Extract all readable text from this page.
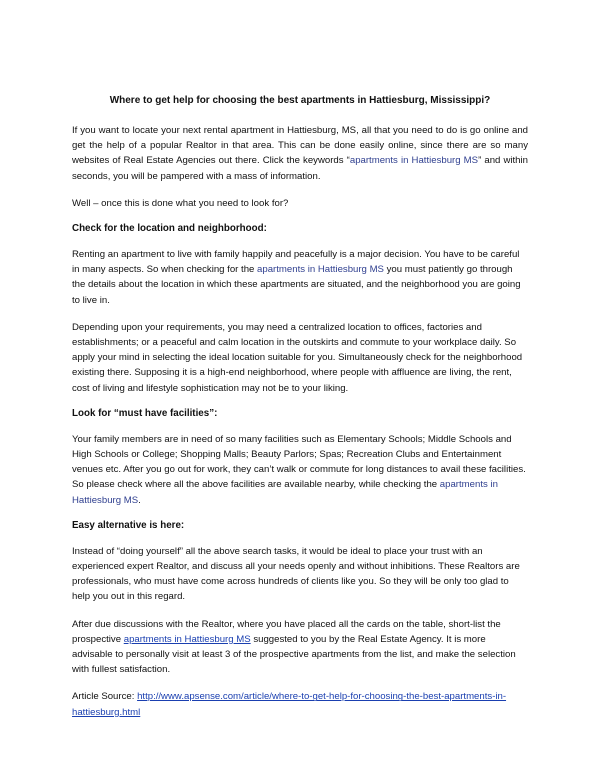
Where to get help for choosing the best apartments in Hattiesburg, Mississippi?

If you want to locate your next rental apartment in Hattiesburg, MS, all that you need to do is go online and get the help of a popular Realtor in that area. This can be done easily online, since there are so many websites of Real Estate Agencies out there. Click the keywords “apartments in Hattiesburg MS” and within seconds, you will be pampered with a mass of information.

Well – once this is done what you need to look for?

Check for the location and neighborhood:

Renting an apartment to live with family happily and peacefully is a major decision. You have to be careful in many aspects. So when checking for the apartments in Hattiesburg MS you must patiently go through the details about the location in which these apartments are situated, and the neighborhood you are going to live in.

Depending upon your requirements, you may need a centralized location to offices, factories and establishments; or a peaceful and calm location in the outskirts and commute to your workplace daily. So apply your mind in selecting the ideal location suitable for you. Simultaneously check for the neighborhood existing there. Supposing it is a high-end neighborhood, where people with affluence are living, the rent, cost of living and lifestyle sophistication may not be to your liking.

Look for “must have facilities”:

Your family members are in need of so many facilities such as Elementary Schools; Middle Schools and High Schools or College; Shopping Malls; Beauty Parlors; Spas; Recreation Clubs and Entertainment venues etc. After you go out for work, they can’t walk or commute for long distances to avail these facilities. So please check where all the above facilities are available nearby, while checking the apartments in Hattiesburg MS.

Easy alternative is here:

Instead of “doing yourself” all the above search tasks, it would be ideal to place your trust with an experienced expert Realtor, and discuss all your needs openly and without inhibitions. These Realtors are professionals, who must have come across hundreds of clients like you. So they will be only too glad to help you out in this regard.

After due discussions with the Realtor, where you have placed all the cards on the table, short-list the prospective apartments in Hattiesburg MS suggested to you by the Real Estate Agency. It is more advisable to personally visit at least 3 of the prospective apartments from the list, and make the selection with fullest satisfaction.

Article Source: http://www.apsense.com/article/where-to-get-help-for-choosing-the-best-apartments-in-hattiesburg.html
